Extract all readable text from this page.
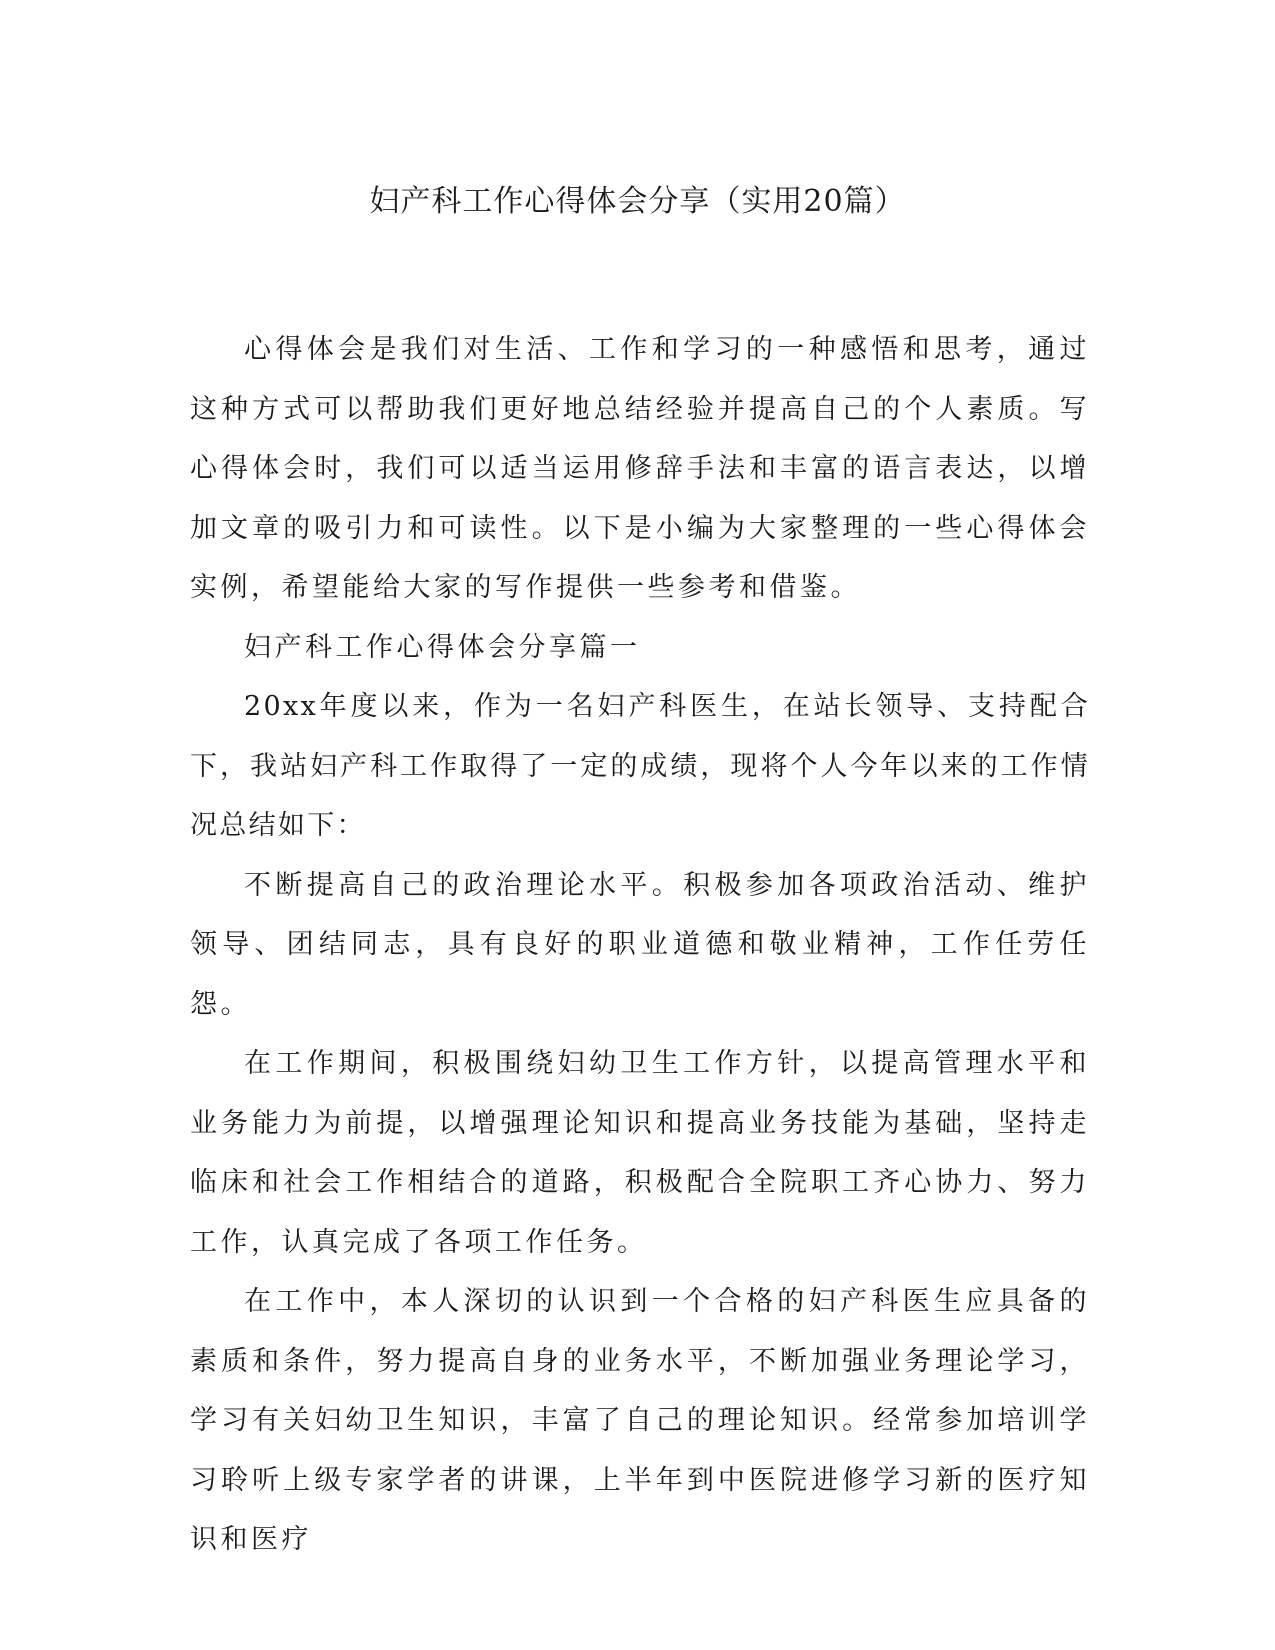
妇产科工作心得体会分享（实用20篇）

心得体会是我们对生活、工作和学习的一种感悟和思考，通过这种方式可以帮助我们更好地总结经验并提高自己的个人素质。写心得体会时，我们可以适当运用修辞手法和丰富的语言表达，以增加文章的吸引力和可读性。以下是小编为大家整理的一些心得体会实例，希望能给大家的写作提供一些参考和借鉴。

妇产科工作心得体会分享篇一

20xx年度以来，作为一名妇产科医生，在站长领导、支持配合下，我站妇产科工作取得了一定的成绩，现将个人今年以来的工作情况总结如下：

不断提高自己的政治理论水平。积极参加各项政治活动、维护领导、团结同志，具有良好的职业道德和敬业精神，工作任劳任怨。

在工作期间，积极围绕妇幼卫生工作方针，以提高管理水平和业务能力为前提，以增强理论知识和提高业务技能为基础，坚持走临床和社会工作相结合的道路，积极配合全院职工齐心协力、努力工作，认真完成了各项工作任务。

在工作中，本人深切的认识到一个合格的妇产科医生应具备的素质和条件，努力提高自身的业务水平，不断加强业务理论学习，学习有关妇幼卫生知识，丰富了自己的理论知识。经常参加培训学习聆听上级专家学者的讲课，上半年到中医院进修学习新的医疗知识和医疗
